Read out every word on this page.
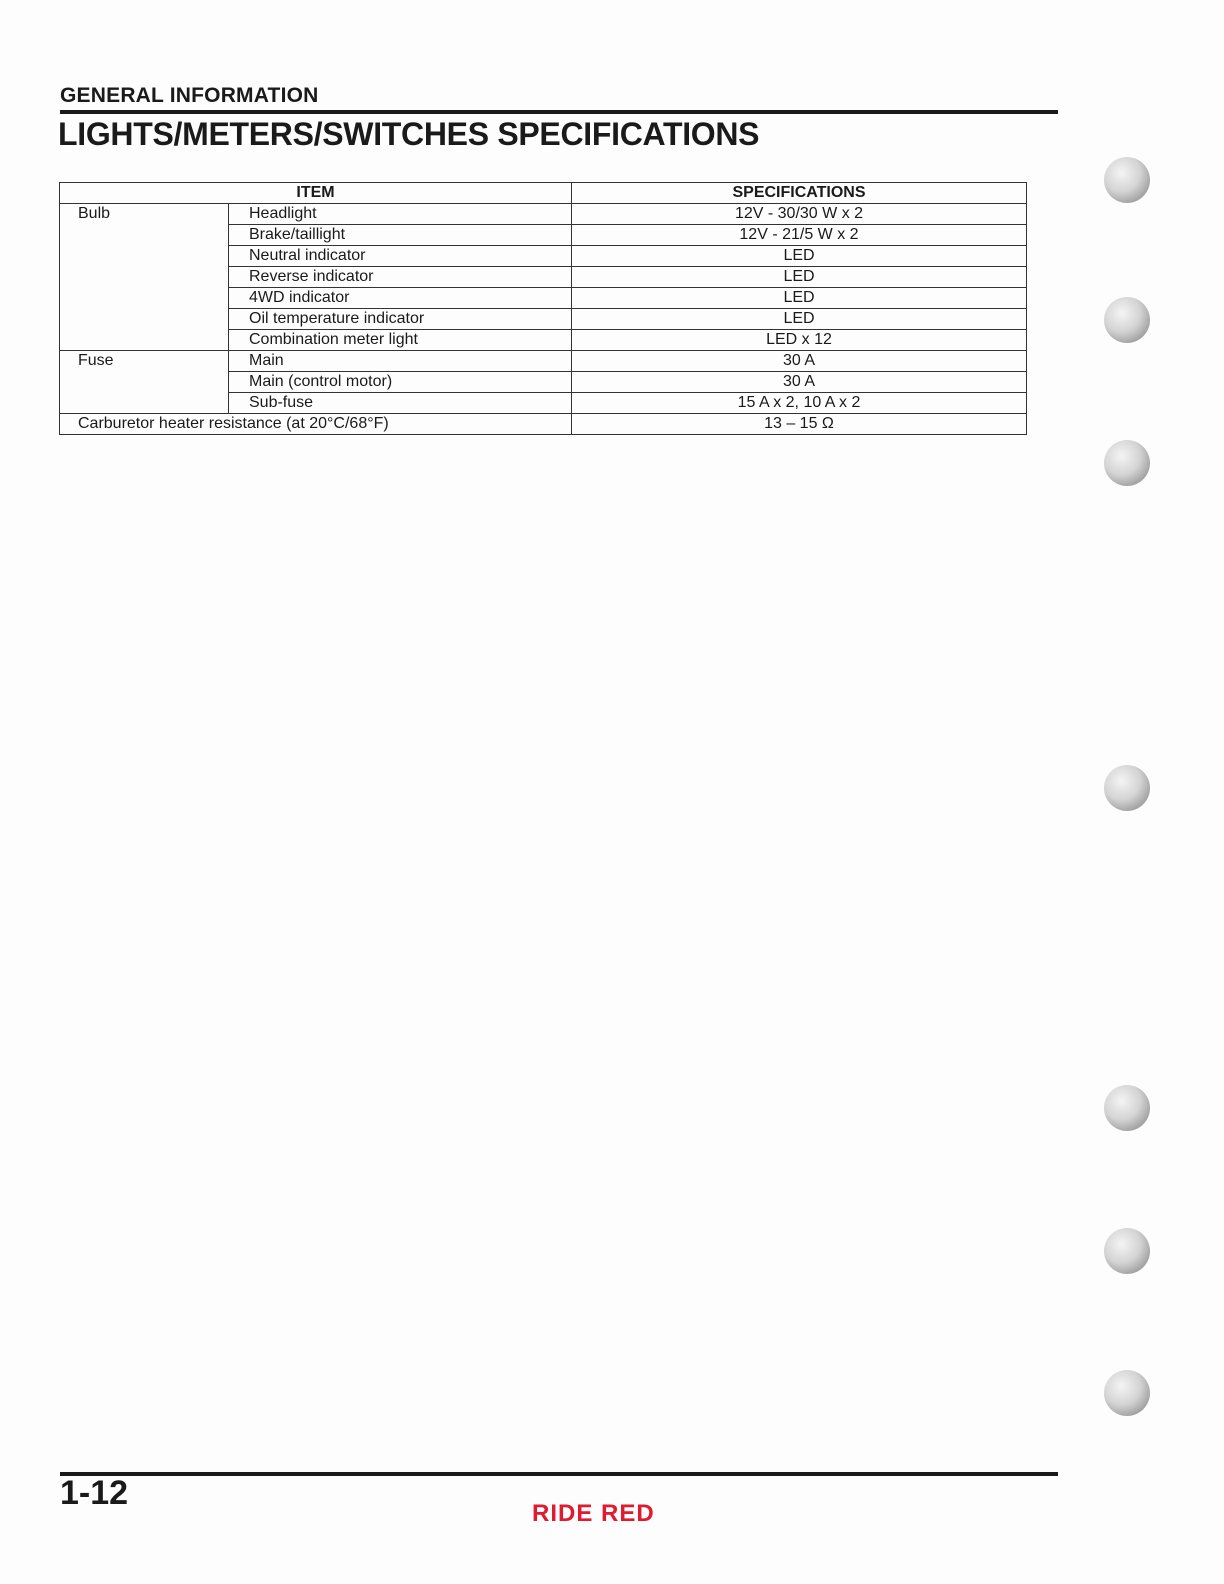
GENERAL INFORMATION
LIGHTS/METERS/SWITCHES SPECIFICATIONS
ITEM		SPECIFICATIONS
Bulb	Headlight	12V - 30/30 W x 2
	Brake/taillight	12V - 21/5 W x 2
	Neutral indicator	LED
	Reverse indicator	LED
	4WD indicator	LED
	Oil temperature indicator	LED
	Combination meter light	LED x 12
Fuse	Main	30 A
	Main (control motor)	30 A
	Sub-fuse	15 A x 2, 10 A x 2
Carburetor heater resistance (at 20°C/68°F)		13 – 15 Ω
1-12
RIDE RED
